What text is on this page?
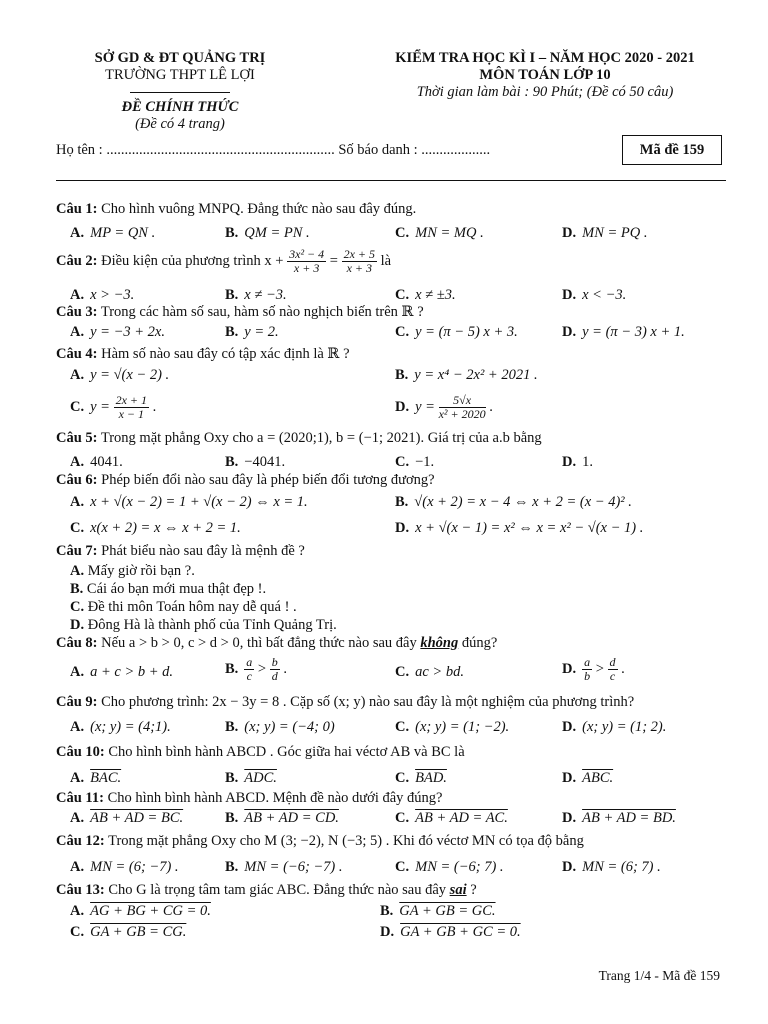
SỞ GD & ĐT QUẢNG TRỊ
TRƯỜNG THPT LÊ LỢI
ĐỀ CHÍNH THỨC
(Đề có 4 trang)
KIỂM TRA HỌC KÌ I – NĂM HỌC 2020 - 2021
MÔN TOÁN LỚP 10
Thời gian làm bài : 90 Phút; (Đề có 50 câu)
Họ tên : ............................................................... Số báo danh : ...................	Mã đề 159
Câu 1: Cho hình vuông MNPQ. Đẳng thức nào sau đây đúng.
A. MP = QN .	B. QM = PN .	C. MN = MQ .	D. MN = PQ .
Câu 2: Điều kiện của phương trình $x + \frac{\text{3x² − 4}}{x + 3} = \frac{2x + 5}{x + 3}$ là
A. x > −3.	B. x ≠ −3.	C. x ≠ ±3.	D. x < −3.
Câu 3: Trong các hàm số sau, hàm số nào nghịch biến trên ℝ ?
A. y = −3 + 2x.	B. y = 2.	C. y = (π − 5) x + 3.	D. y = (π − 3) x + 1.
Câu 4: Hàm số nào sau đây có tập xác định là ℝ ?
A. y = √(x − 2) .	B. y = x⁴ − 2x² + 2021 .
C. $y = \frac{2x + 1}{x - 1}$ .	D. $y = \frac{5√x}{\text{x² + 2020}}$ .
Câu 5: Trong mặt phẳng Oxy cho a = (2020;1), b = (−1; 2021). Giá trị của a.b bằng
A. 4041.	B. −4041.	C. −1.	D. 1.
Câu 6: Phép biến đổi nào sau đây là phép biến đổi tương đương?
A. x + √(x − 2) = 1 + √(x − 2) ⇔ x = 1.	B. √(x + 2) = x − 4 ⇔ x + 2 = (x − 4)² .
C. x(x + 2) = x ⇔ x + 2 = 1.	D. x + √(x − 1) = x² ⇔ x = x² − √(x − 1) .
Câu 7: Phát biểu nào sau đây là mệnh đề ?
A. Mấy giờ rồi bạn ?.
B. Cái áo bạn mới mua thật đẹp !.
C. Đề thi môn Toán hôm nay dễ quá ! .
D. Đông Hà là thành phố của Tỉnh Quảng Trị.
Câu 8: Nếu a > b > 0, c > d > 0, thì bất đẳng thức nào sau đây không đúng?
A. a + c > b + d.	B. $\frac{a}{c} > \frac{b}{d}$ .	C. ac > bd.	D. $\frac{a}{b} > \frac{d}{c}$ .
Câu 9: Cho phương trình: 2x − 3y = 8 . Cặp số (x; y) nào sau đây là một nghiệm của phương trình?
A. (x; y) = (4;1).	B. (x; y) = (−4; 0)	C. (x; y) = (1; −2).	D. (x; y) = (1; 2).
Câu 10: Cho hình bình hành ABCD . Góc giữa hai véctơ AB và BC là
A. BAC.	B. ADC.	C. BAD.	D. ABC.
Câu 11: Cho hình bình hành ABCD. Mệnh đề nào dưới đây đúng?
A. AB + AD = BC.	B. AB + AD = CD.	C. AB + AD = AC.	D. AB + AD = BD.
Câu 12: Trong mặt phẳng Oxy cho M (3; −2), N (−3; 5) . Khi đó véctơ MN có tọa độ bằng
A. MN = (6; −7) .	B. MN = (−6; −7) .	C. MN = (−6; 7) .	D. MN = (6; 7) .
Câu 13: Cho G là trọng tâm tam giác ABC. Đẳng thức nào sau đây sai ?
A. AG + BG + CG = 0.	B. GA + GB = GC.
C. GA + GB = CG.	D. GA + GB + GC = 0.
Trang 1/4 - Mã đề 159
